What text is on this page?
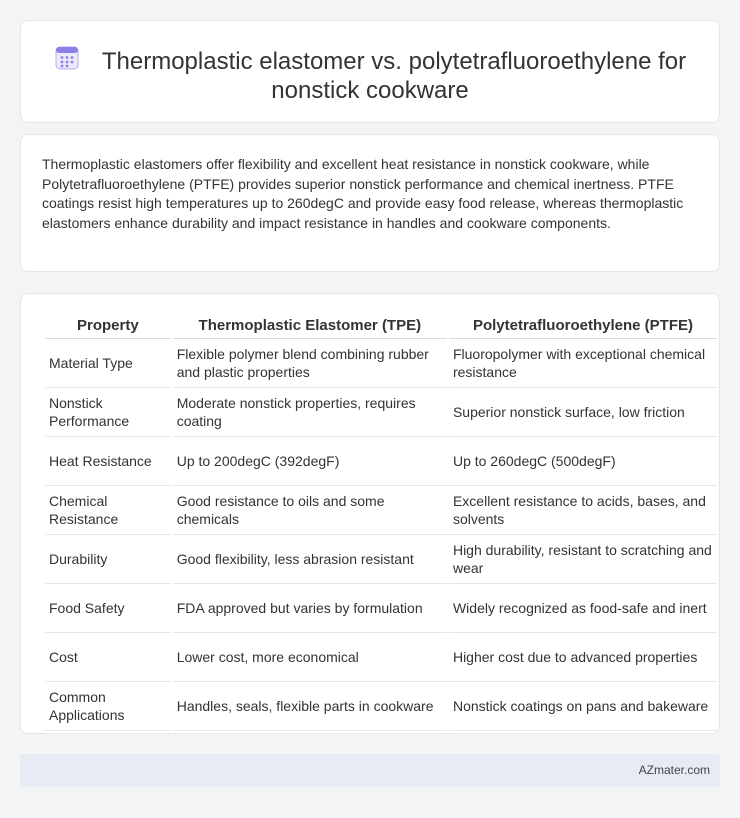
Thermoplastic elastomer vs. polytetrafluoroethylene for nonstick cookware

Thermoplastic elastomers offer flexibility and excellent heat resistance in nonstick cookware, while Polytetrafluoroethylene (PTFE) provides superior nonstick performance and chemical inertness. PTFE coatings resist high temperatures up to 260degC and provide easy food release, whereas thermoplastic elastomers enhance durability and impact resistance in handles and cookware components.

Property	Thermoplastic Elastomer (TPE)	Polytetrafluoroethylene (PTFE)
Material Type	Flexible polymer blend combining rubber and plastic properties	Fluoropolymer with exceptional chemical resistance
Nonstick Performance	Moderate nonstick properties, requires coating	Superior nonstick surface, low friction
Heat Resistance	Up to 200degC (392degF)	Up to 260degC (500degF)
Chemical Resistance	Good resistance to oils and some chemicals	Excellent resistance to acids, bases, and solvents
Durability	Good flexibility, less abrasion resistant	High durability, resistant to scratching and wear
Food Safety	FDA approved but varies by formulation	Widely recognized as food-safe and inert
Cost	Lower cost, more economical	Higher cost due to advanced properties
Common Applications	Handles, seals, flexible parts in cookware	Nonstick coatings on pans and bakeware
AZmater.com
